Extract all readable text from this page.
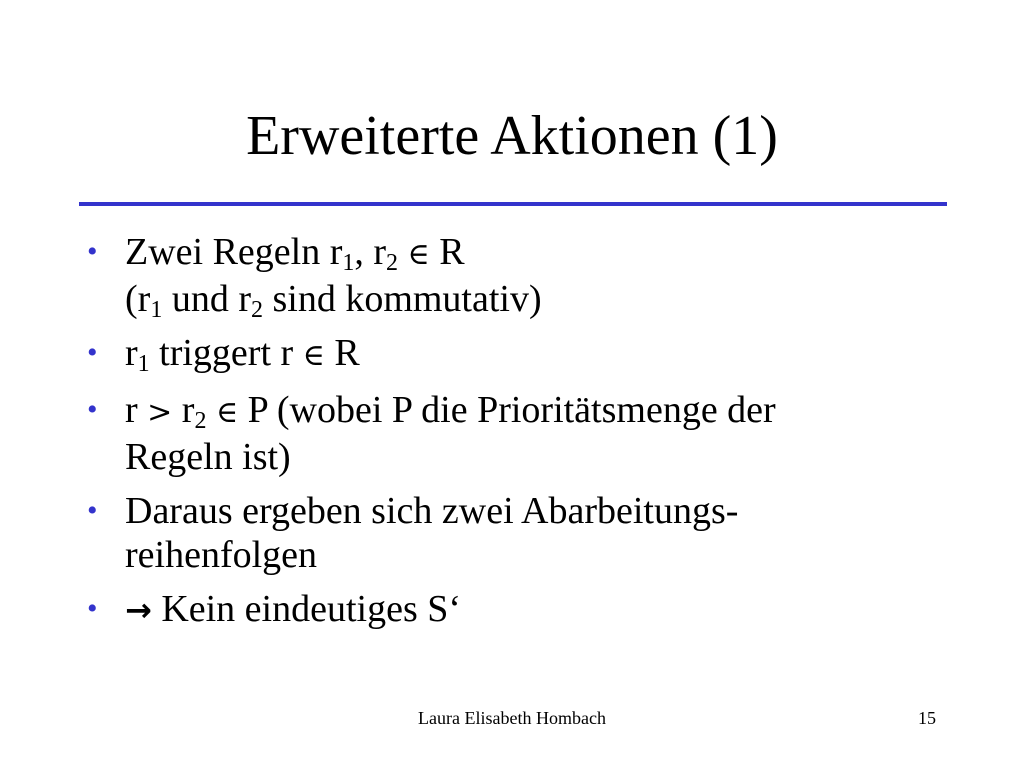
Erweiterte Aktionen (1)
• Zwei Regeln $r_1$, $r_2$ ∈ R
($r_1$ und $r_2$ sind kommutativ)
• $r_1$ triggert r ∈ R
• $r > r_2$ ∈ P (wobei P die Prioritätsmenge der
Regeln ist)
• Daraus ergeben sich zwei Abarbeitungs-
reihenfolgen
• → Kein eindeutiges S‘
Laura Elisabeth Hombach	15
